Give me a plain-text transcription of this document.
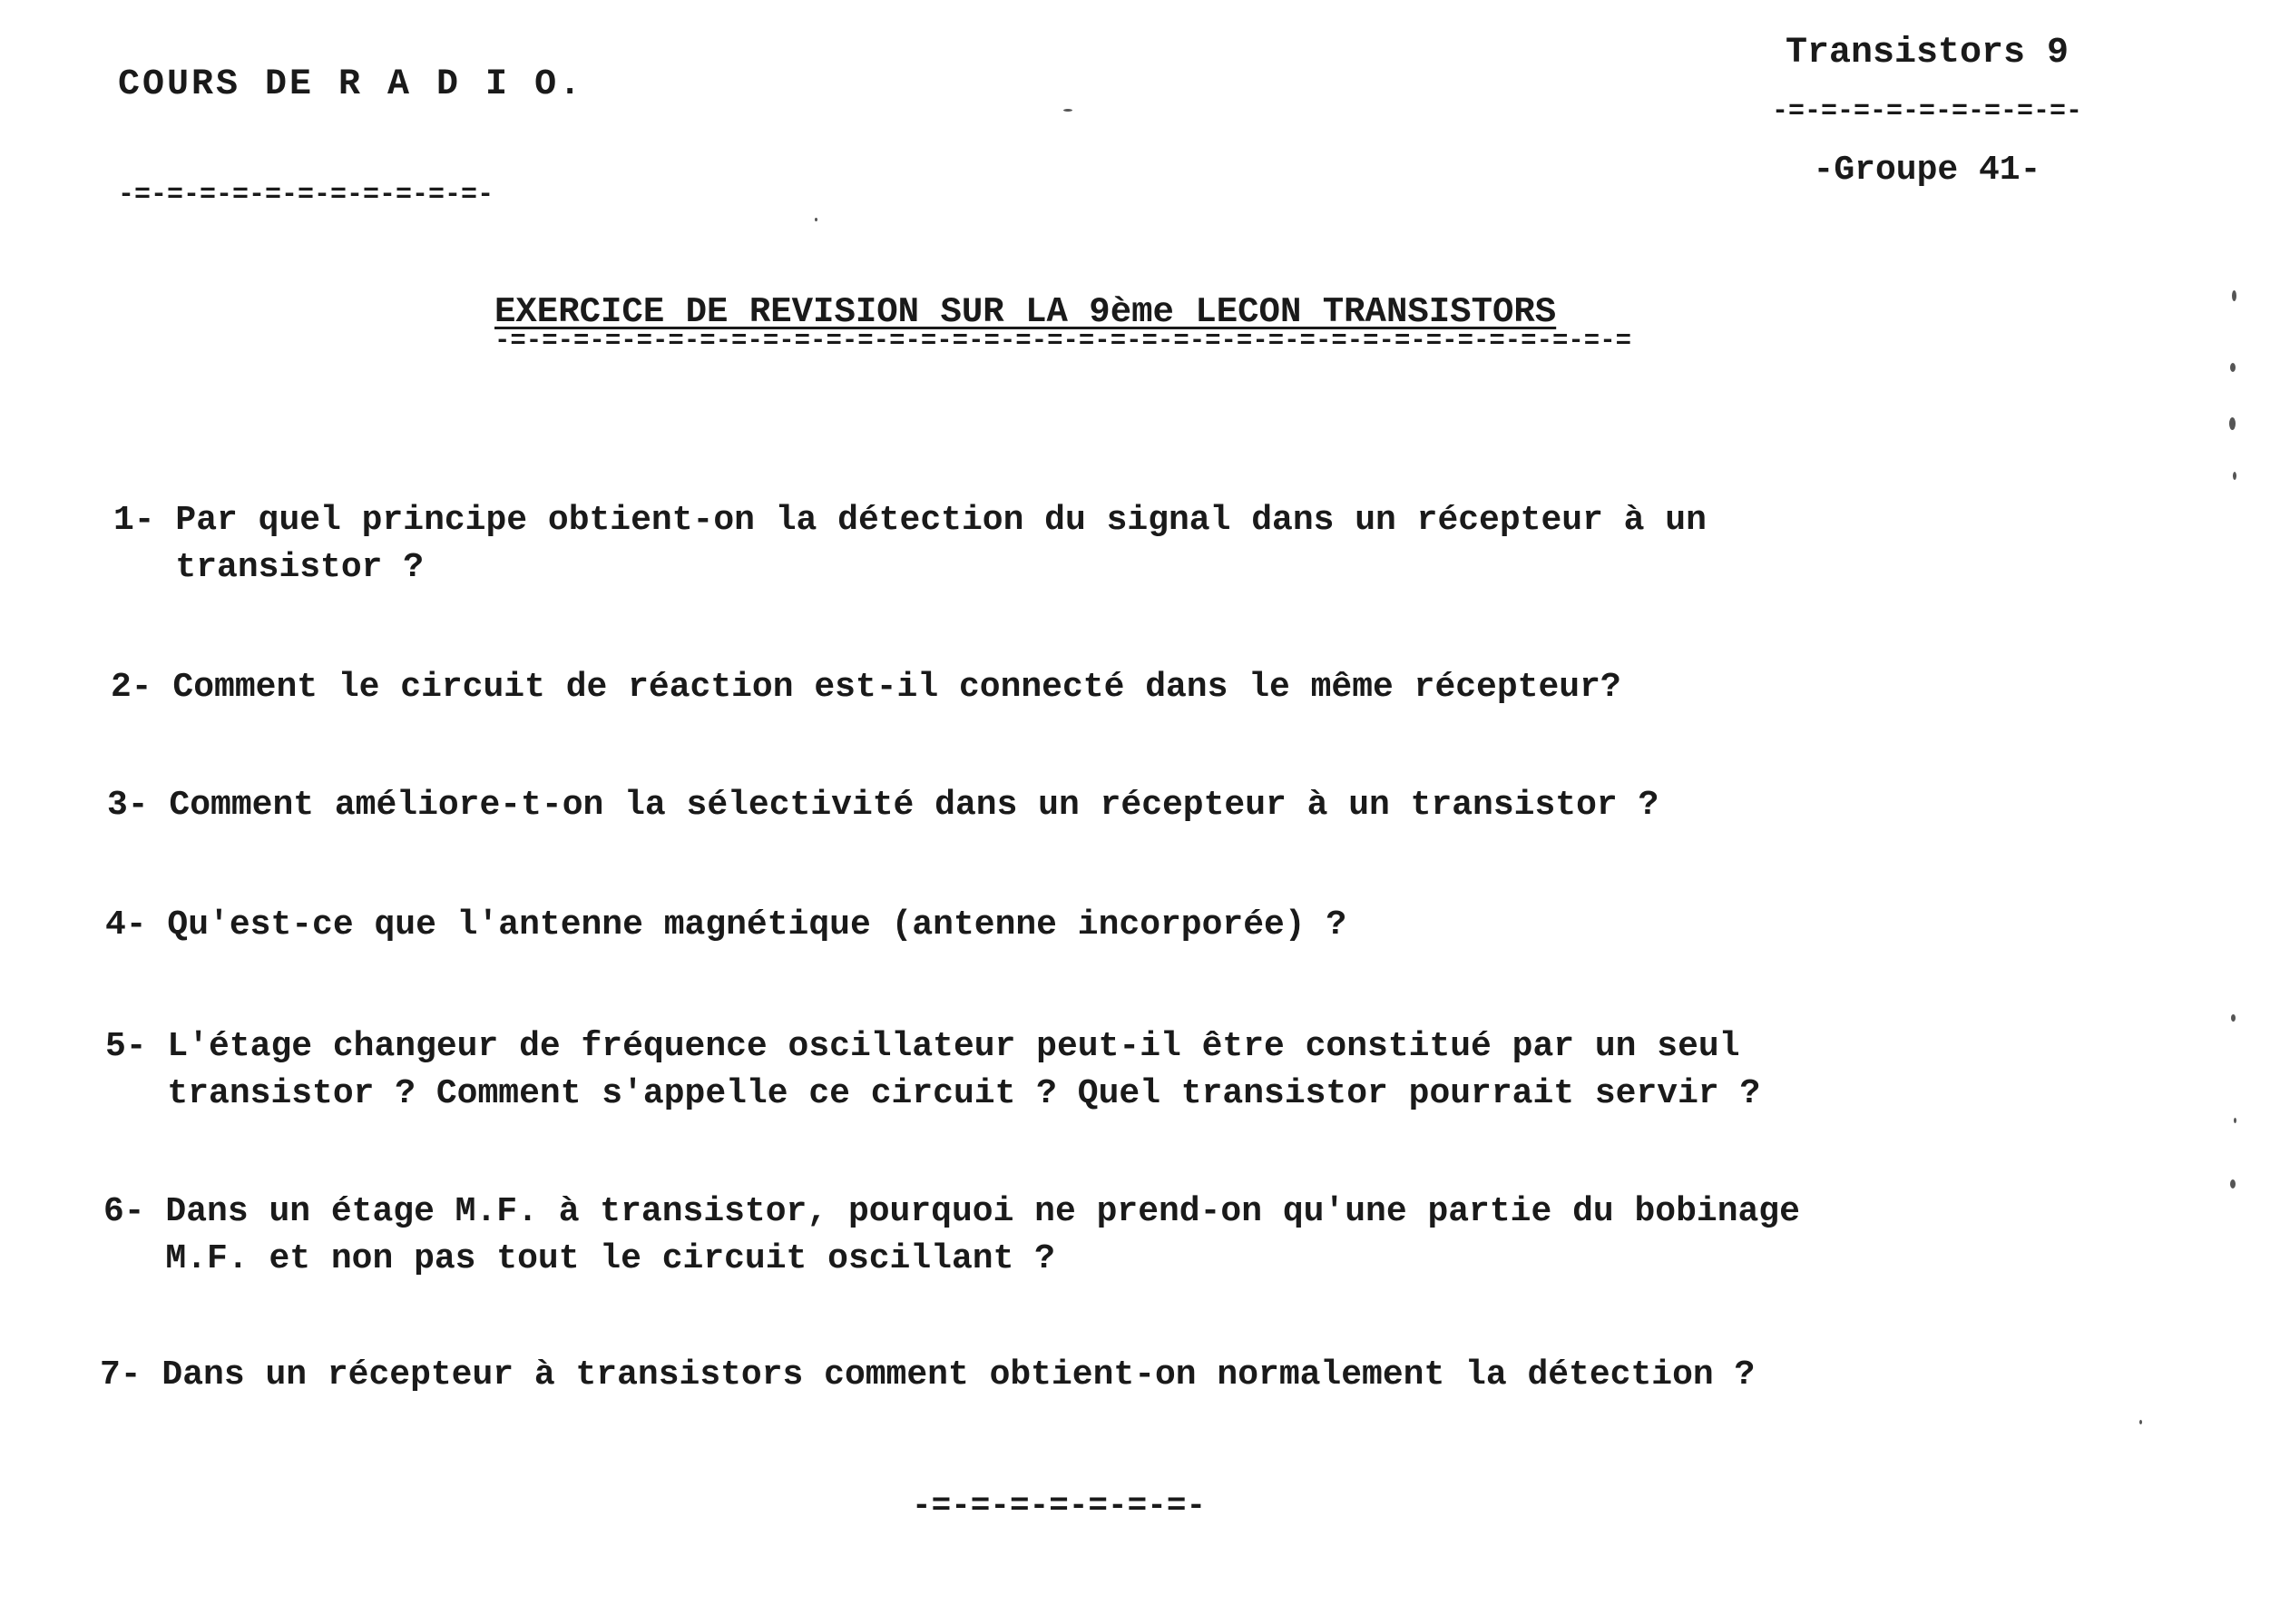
COURS DE R A D I O.

-=-=-=-=-=-=-=-=-=-=-=-

Transistors 9

-=-=-=-=-=-=-=-=-=-

-Groupe 41-

EXERCICE DE REVISION SUR LA 9ème LECON TRANSISTORS
-=-=-=-=-=-=-=-=-=-=-=-=-=-=-=-=-=-=-=-=-=-=-=-=-=-=-=-=-=-=-=-=-=-=-=-=
1- Par quel principe obtient-on la détection du signal dans un récepteur à un
transistor ?
2- Comment le circuit de réaction est-il connecté dans le même récepteur?
3- Comment améliore-t-on la sélectivité dans un récepteur à un transistor ?
4- Qu'est-ce que l'antenne magnétique (antenne incorporée) ?
5- L'étage changeur de fréquence oscillateur peut-il être constitué par un seul
transistor ? Comment s'appelle ce circuit ? Quel transistor pourrait servir ?
6- Dans un étage M.F. à transistor, pourquoi ne prend-on qu'une partie du bobinage
M.F. et non pas tout le circuit oscillant ?
7- Dans un récepteur à transistors comment obtient-on normalement la détection ?
-=-=-=-=-=-=-=-
